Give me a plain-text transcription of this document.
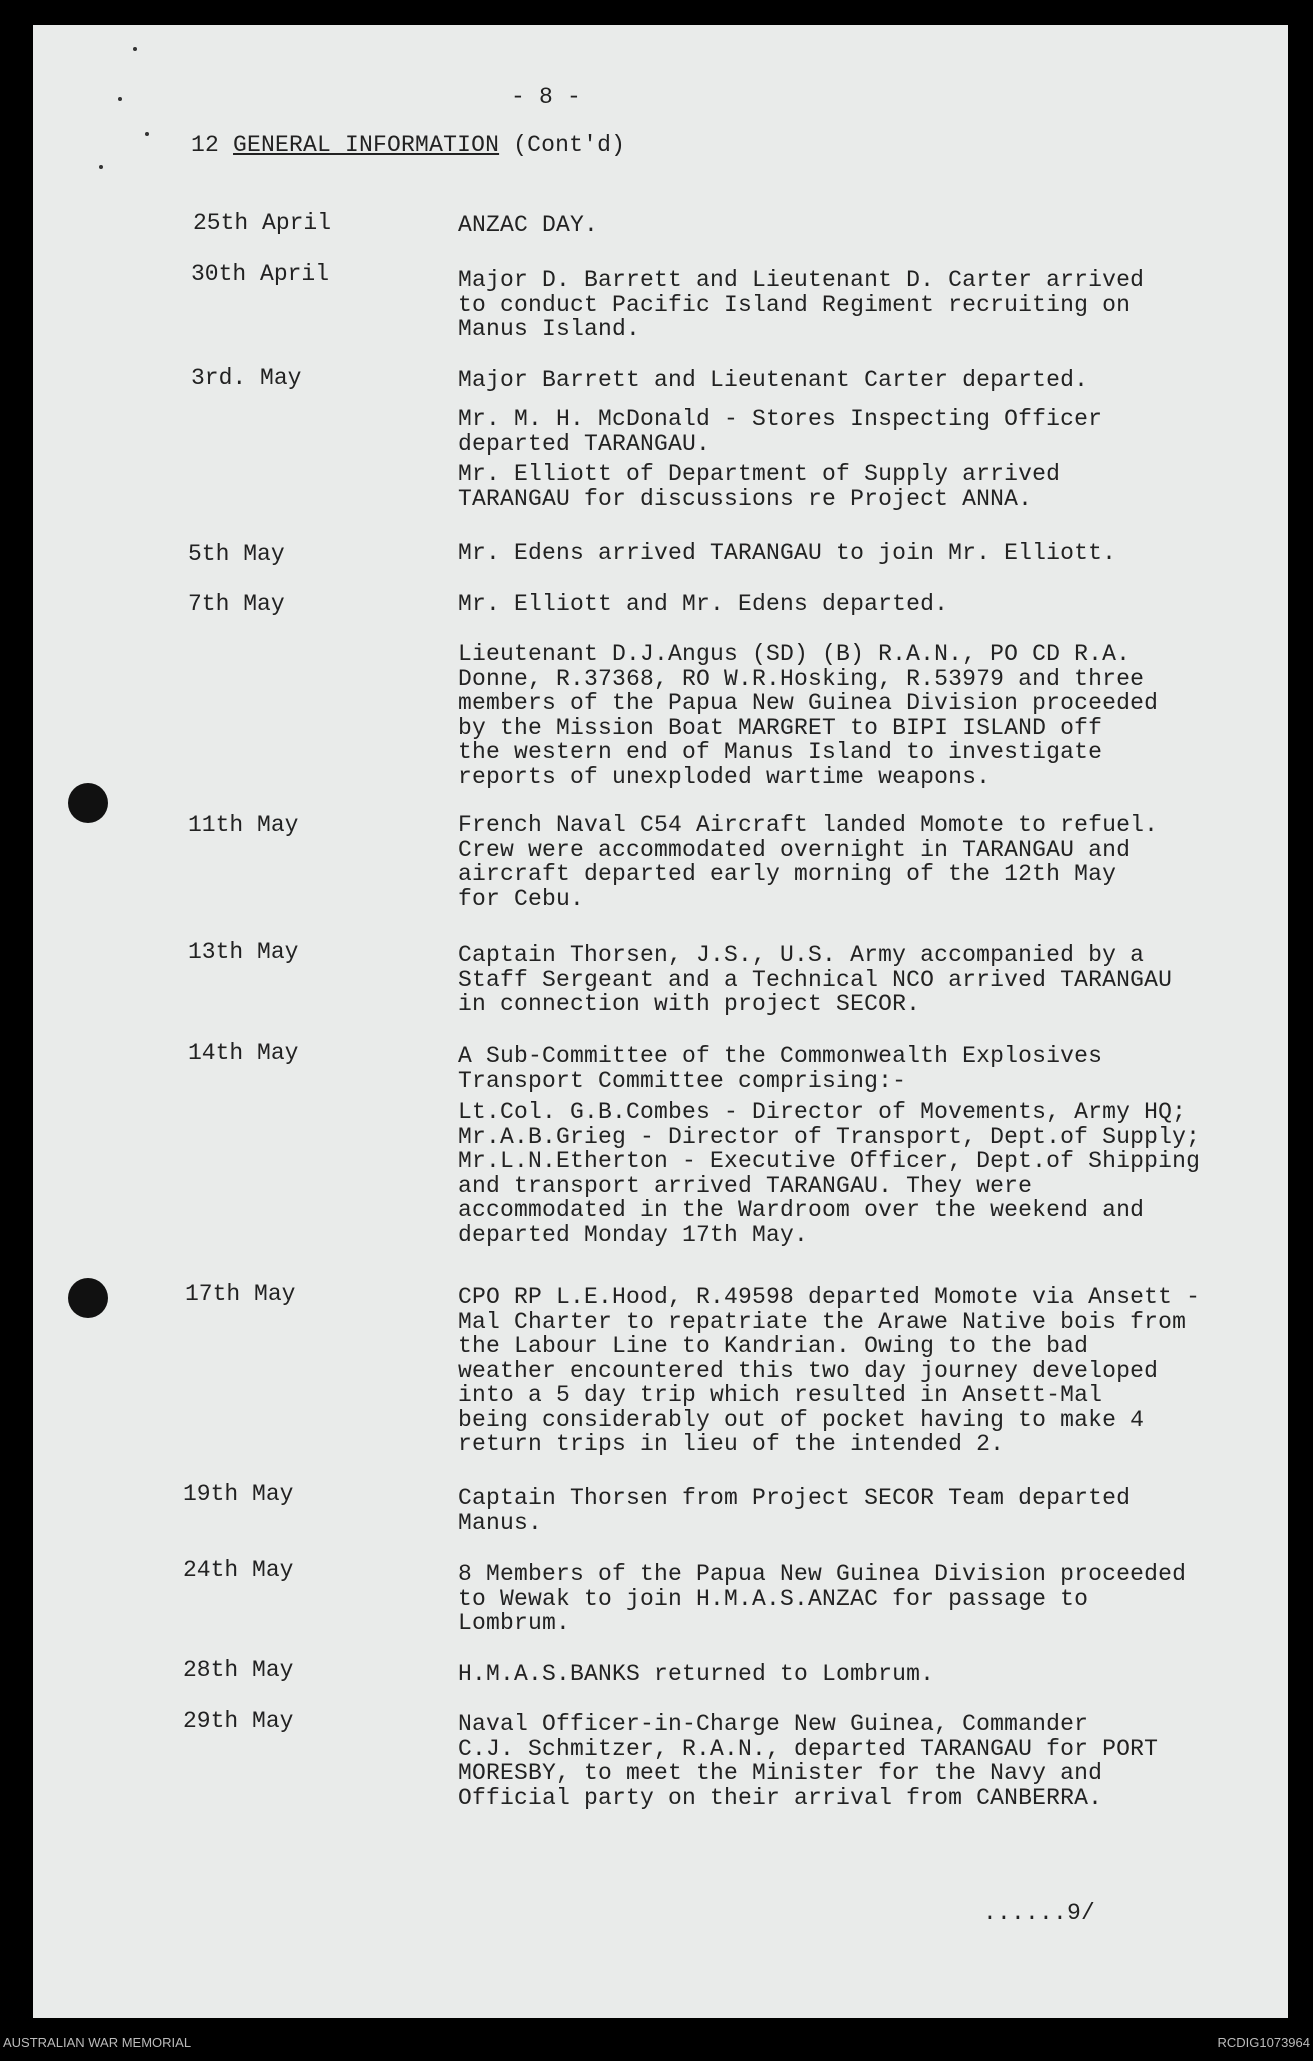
- 8 -
12 GENERAL INFORMATION (Cont'd)
25th April	ANZAC DAY.
30th April	Major D. Barrett and Lieutenant D. Carter arrived
to conduct Pacific Island Regiment recruiting on
Manus Island.
3rd. May	Major Barrett and Lieutenant Carter departed.
Mr. M. H. McDonald - Stores Inspecting Officer
departed TARANGAU.
Mr. Elliott of Department of Supply arrived
TARANGAU for discussions re Project ANNA.
5th May	Mr. Edens arrived TARANGAU to join Mr. Elliott.
7th May	Mr. Elliott and Mr. Edens departed.
Lieutenant D.J.Angus (SD) (B) R.A.N., PO CD R.A.
Donne, R.37368, RO W.R.Hosking, R.53979 and three
members of the Papua New Guinea Division proceeded
by the Mission Boat MARGRET to BIPI ISLAND off
the western end of Manus Island to investigate
reports of unexploded wartime weapons.
11th May	French Naval C54 Aircraft landed Momote to refuel.
Crew were accommodated overnight in TARANGAU and
aircraft departed early morning of the 12th May
for Cebu.
13th May	Captain Thorsen, J.S., U.S. Army accompanied by a
Staff Sergeant and a Technical NCO arrived TARANGAU
in connection with project SECOR.
14th May	A Sub-Committee of the Commonwealth Explosives
Transport Committee comprising:-
Lt.Col. G.B.Combes - Director of Movements, Army HQ;
Mr.A.B.Grieg - Director of Transport, Dept.of Supply;
Mr.L.N.Etherton - Executive Officer, Dept.of Shipping
and transport arrived TARANGAU. They were
accommodated in the Wardroom over the weekend and
departed Monday 17th May.
17th May	CPO RP L.E.Hood, R.49598 departed Momote via Ansett -
Mal Charter to repatriate the Arawe Native bois from
the Labour Line to Kandrian. Owing to the bad
weather encountered this two day journey developed
into a 5 day trip which resulted in Ansett-Mal
being considerably out of pocket having to make 4
return trips in lieu of the intended 2.
19th May	Captain Thorsen from Project SECOR Team departed
Manus.
24th May	8 Members of the Papua New Guinea Division proceeded
to Wewak to join H.M.A.S.ANZAC for passage to
Lombrum.
28th May	H.M.A.S.BANKS returned to Lombrum.
29th May	Naval Officer-in-Charge New Guinea, Commander
C.J. Schmitzer, R.A.N., departed TARANGAU for PORT
MORESBY, to meet the Minister for the Navy and
Official party on their arrival from CANBERRA.
......9/
AUSTRALIAN WAR MEMORIAL	RCDIG1073964
